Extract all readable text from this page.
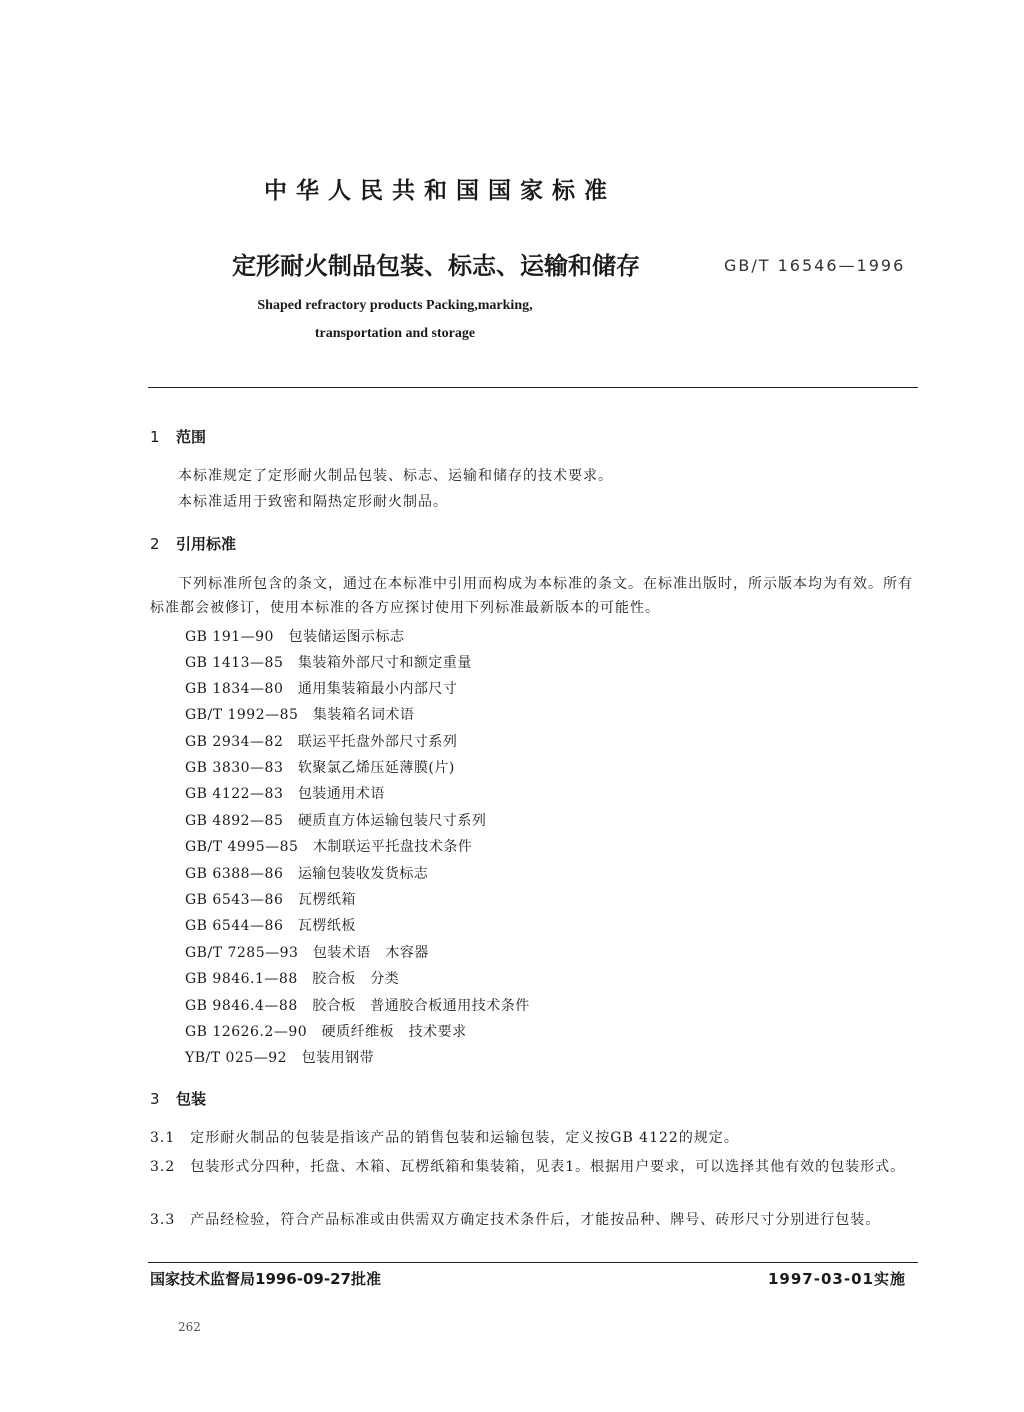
中华人民共和国国家标准
定形耐火制品包装、标志、运输和储存	GB/T 16546—1996
Shaped refractory products Packing,marking,
transportation and storage
1 范围
本标准规定了定形耐火制品包装、标志、运输和储存的技术要求。
本标准适用于致密和隔热定形耐火制品。
2 引用标准
下列标准所包含的条文，通过在本标准中引用而构成为本标准的条文。在标准出版时，所示版本均为有效。所有标准都会被修订，使用本标准的各方应探讨使用下列标准最新版本的可能性。
GB 191—90　包装储运图示标志
GB 1413—85　集装箱外部尺寸和额定重量
GB 1834—80　通用集装箱最小内部尺寸
GB/T 1992—85　集装箱名词术语
GB 2934—82　联运平托盘外部尺寸系列
GB 3830—83　软聚氯乙烯压延薄膜(片)
GB 4122—83　包装通用术语
GB 4892—85　硬质直方体运输包装尺寸系列
GB/T 4995—85　木制联运平托盘技术条件
GB 6388—86　运输包装收发货标志
GB 6543—86　瓦楞纸箱
GB 6544—86　瓦楞纸板
GB/T 7285—93　包装术语　木容器
GB 9846.1—88　胶合板　分类
GB 9846.4—88　胶合板　普通胶合板通用技术条件
GB 12626.2—90　硬质纤维板　技术要求
YB/T 025—92　包装用钢带
3 包装
3.1　定形耐火制品的包装是指该产品的销售包装和运输包装，定义按GB 4122的规定。
3.2　包装形式分四种，托盘、木箱、瓦楞纸箱和集装箱，见表1。根据用户要求，可以选择其他有效的包装形式。
3.3　产品经检验，符合产品标准或由供需双方确定技术条件后，才能按品种、牌号、砖形尺寸分别进行包装。
国家技术监督局1996-09-27批准	1997-03-01实施
262
